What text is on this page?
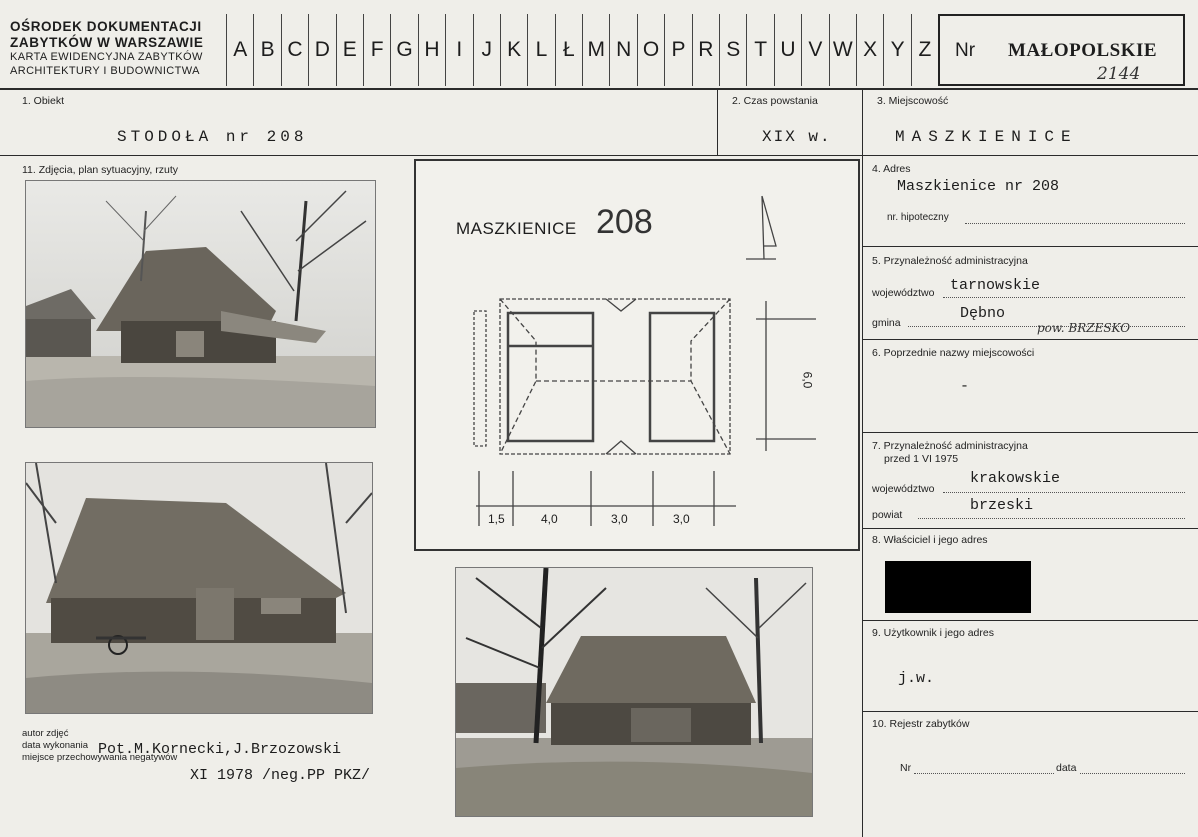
OŚRODEK DOKUMENTACJI
ZABYTKÓW W WARSZAWIE
KARTA EWIDENCYJNA ZABYTKÓW
ARCHITEKTURY I BUDOWNICTWA
A B C D E F G H I J K L Ł M N O P R S T U V W X Y Z	Nr MAŁOPOLSKIE
2144
1. Obiekt
STODOŁA nr 208
2. Czas powstania
XIX w.
3. Miejscowość
MASZKIENICE
4. Adres
Maszkienice nr 208
nr. hipoteczny
5. Przynależność administracyjna
województwo tarnowskie
gmina
Dębno
pow. BRZESKO
6. Poprzednie nazwy miejscowości
-
7. Przynależność administracyjna
przed 1 VI 1975
województwo
krakowskie
powiat
brzeski
8. Właściciel i jego adres
9. Użytkownik i jego adres
j.w.
10. Rejestr zabytków
Nr	data
11. Zdjęcia, plan sytuacyjny, rzuty
MASZKIENICE 208
1,5	4,0	3,0	3,0
6,0
autor zdjęć
data wykonania
miejsce przechowywania negatywów
Pot.M.Kornecki,J.Brzozowski
XI 1978 /neg.PP PKZ/
